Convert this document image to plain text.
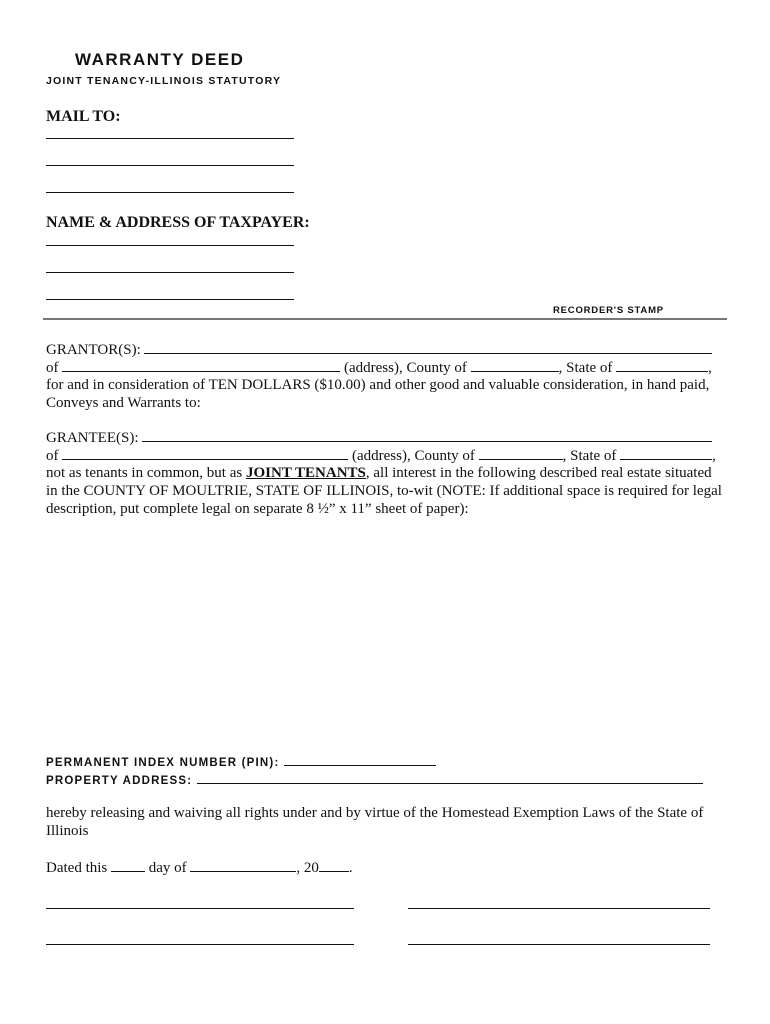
WARRANTY DEED
JOINT TENANCY-ILLINOIS STATUTORY
MAIL TO:
NAME & ADDRESS OF TAXPAYER:
RECORDER'S STAMP
GRANTOR(S):
of	(address), County of	, State of	,
for and in consideration of TEN DOLLARS ($10.00) and other good and valuable consideration, in hand paid,
Conveys and Warrants to:
GRANTEE(S):
of	(address), County of	, State of	,
not as tenants in common, but as JOINT TENANTS, all interest in the following described real estate situated
in the COUNTY OF MOULTRIE, STATE OF ILLINOIS, to-wit (NOTE: If additional space is required for legal
description, put complete legal on separate 8 ½” x 11” sheet of paper):
PERMANENT INDEX NUMBER (PIN):
PROPERTY ADDRESS:
hereby releasing and waiving all rights under and by virtue of the Homestead Exemption Laws of the State of
Illinois
Dated this	day of	, 20 .
